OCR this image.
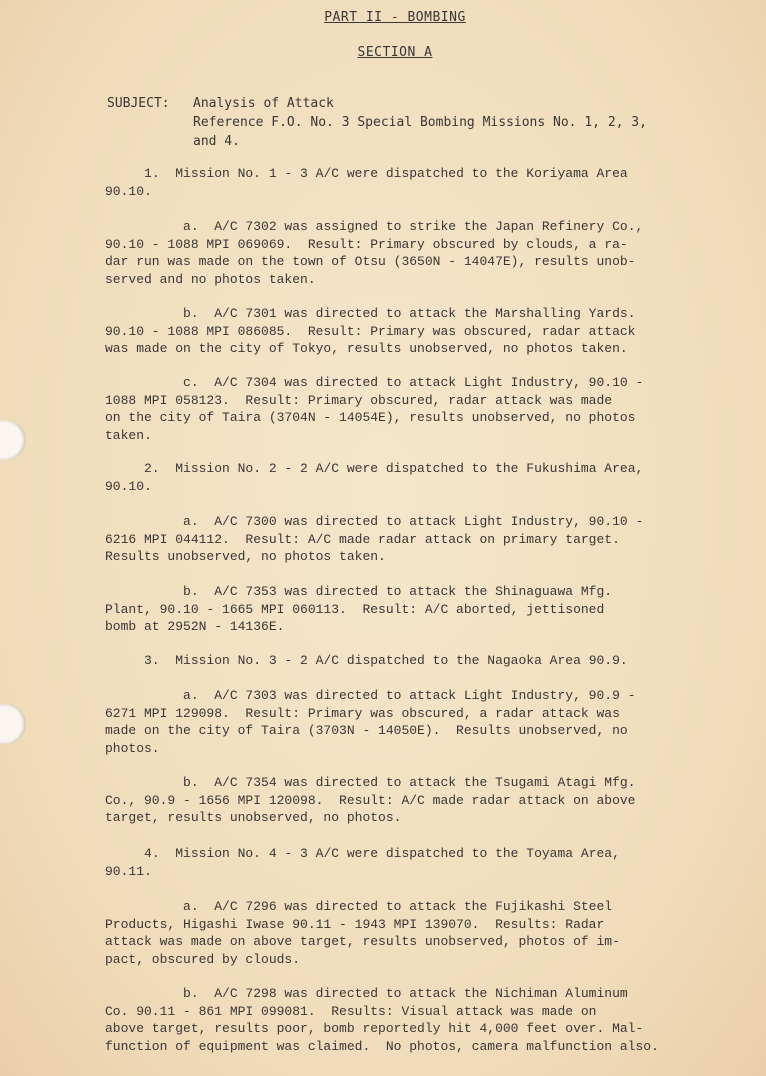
PART II - BOMBING
SECTION A
SUBJECT: Analysis of Attack
Reference F.O. No. 3 Special Bombing Missions No. 1, 2, 3,
and 4.
1.  Mission No. 1 - 3 A/C were dispatched to the Koriyama Area
90.10.
a.  A/C 7302 was assigned to strike the Japan Refinery Co.,
90.10 - 1088 MPI 069069.  Result: Primary obscured by clouds, a ra-
dar run was made on the town of Otsu (3650N - 14047E), results unob-
served and no photos taken.
b.  A/C 7301 was directed to attack the Marshalling Yards.
90.10 - 1088 MPI 086085.  Result: Primary was obscured, radar attack
was made on the city of Tokyo, results unobserved, no photos taken.
c.  A/C 7304 was directed to attack Light Industry, 90.10 -
1088 MPI 058123.  Result: Primary obscured, radar attack was made
on the city of Taira (3704N - 14054E), results unobserved, no photos
taken.
2.  Mission No. 2 - 2 A/C were dispatched to the Fukushima Area,
90.10.
a.  A/C 7300 was directed to attack Light Industry, 90.10 -
6216 MPI 044112.  Result: A/C made radar attack on primary target.
Results unobserved, no photos taken.
b.  A/C 7353 was directed to attack the Shinaguawa Mfg.
Plant, 90.10 - 1665 MPI 060113.  Result: A/C aborted, jettisoned
bomb at 2952N - 14136E.
3.  Mission No. 3 - 2 A/C dispatched to the Nagaoka Area 90.9.
a.  A/C 7303 was directed to attack Light Industry, 90.9 -
6271 MPI 129098.  Result: Primary was obscured, a radar attack was
made on the city of Taira (3703N - 14050E).  Results unobserved, no
photos.
b.  A/C 7354 was directed to attack the Tsugami Atagi Mfg.
Co., 90.9 - 1656 MPI 120098.  Result: A/C made radar attack on above
target, results unobserved, no photos.
4.  Mission No. 4 - 3 A/C were dispatched to the Toyama Area,
90.11.
a.  A/C 7296 was directed to attack the Fujikashi Steel
Products, Higashi Iwase 90.11 - 1943 MPI 139070.  Results: Radar
attack was made on above target, results unobserved, photos of im-
pact, obscured by clouds.
b.  A/C 7298 was directed to attack the Nichiman Aluminum
Co. 90.11 - 861 MPI 099081.  Results: Visual attack was made on
above target, results poor, bomb reportedly hit 4,000 feet over. Mal-
function of equipment was claimed.  No photos, camera malfunction also.
